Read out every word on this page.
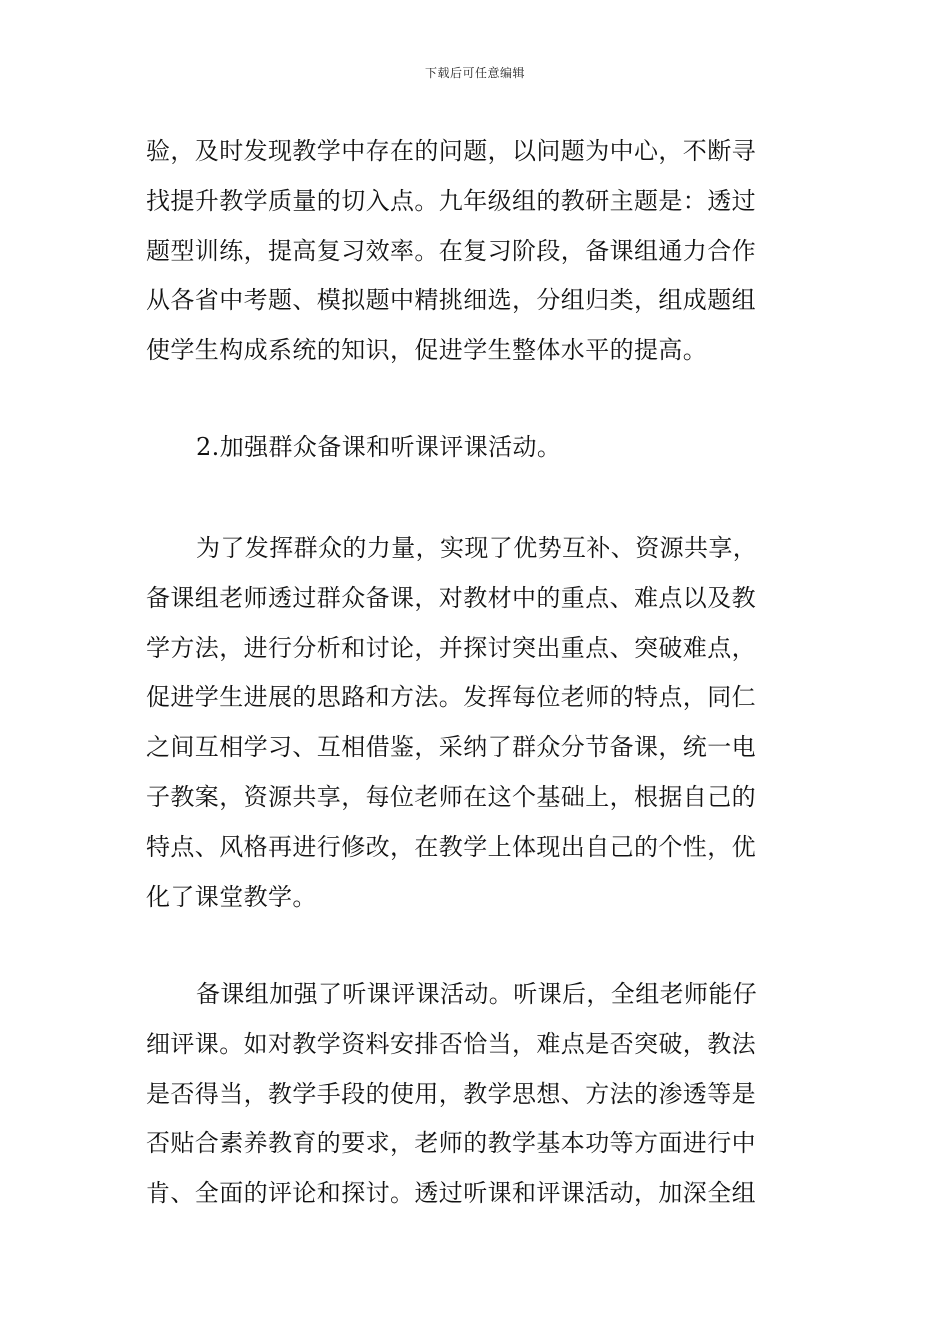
下载后可任意编辑
验，及时发现教学中存在的问题，以问题为中心，不断寻
找提升教学质量的切入点。九年级组的教研主题是：透过
题型训练，提高复习效率。在复习阶段，备课组通力合作
从各省中考题、模拟题中精挑细选，分组归类，组成题组
使学生构成系统的知识，促进学生整体水平的提高。
2.加强群众备课和听课评课活动。
为了发挥群众的力量，实现了优势互补、资源共享，
备课组老师透过群众备课，对教材中的重点、难点以及教
学方法，进行分析和讨论，并探讨突出重点、突破难点，
促进学生进展的思路和方法。发挥每位老师的特点，同仁
之间互相学习、互相借鉴，采纳了群众分节备课，统一电
子教案，资源共享，每位老师在这个基础上，根据自己的
特点、风格再进行修改，在教学上体现出自己的个性，优
化了课堂教学。
备课组加强了听课评课活动。听课后，全组老师能仔
细评课。如对教学资料安排否恰当，难点是否突破，教法
是否得当，教学手段的使用，教学思想、方法的渗透等是
否贴合素养教育的要求，老师的教学基本功等方面进行中
肯、全面的评论和探讨。透过听课和评课活动，加深全组
